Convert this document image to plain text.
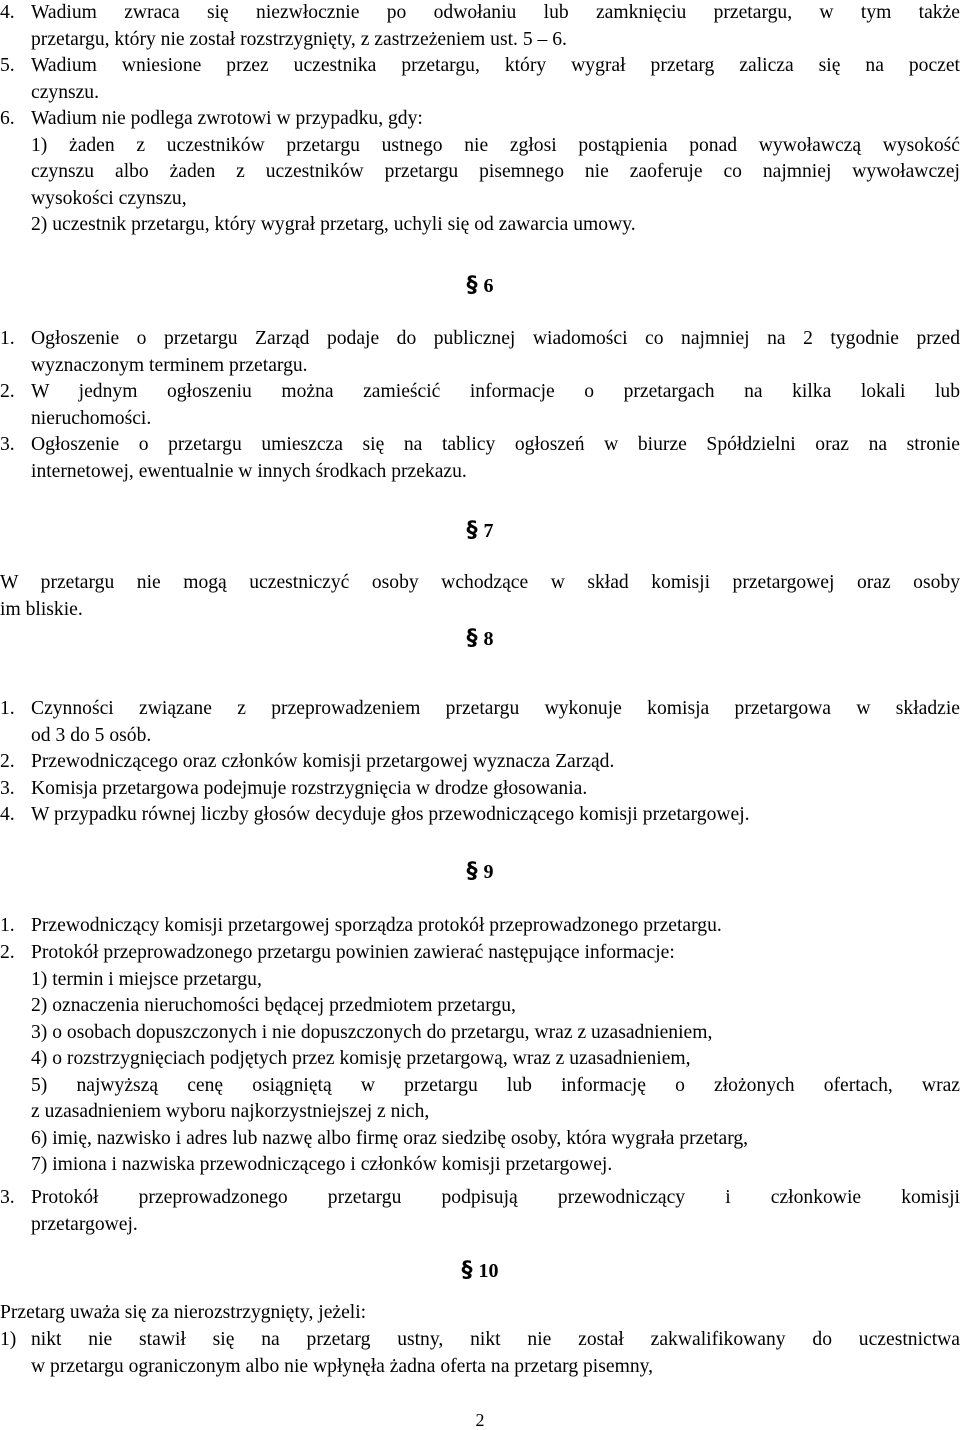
4. Wadium zwraca się niezwłocznie po odwołaniu lub zamknięciu przetargu, w tym także
przetargu, który nie został rozstrzygnięty, z zastrzeżeniem ust. 5 – 6.
5. Wadium wniesione przez uczestnika przetargu, który wygrał przetarg zalicza się na poczet
czynszu.
6. Wadium nie podlega zwrotowi w przypadku, gdy:
1) żaden z uczestników przetargu ustnego nie zgłosi postąpienia ponad wywoławczą wysokość
czynszu albo żaden z uczestników przetargu pisemnego nie zaoferuje co najmniej wywoławczej
wysokości czynszu,
2) uczestnik przetargu, który wygrał przetarg, uchyli się od zawarcia umowy.
§ 6
1. Ogłoszenie o przetargu Zarząd podaje do publicznej wiadomości co najmniej na 2 tygodnie przed
wyznaczonym terminem przetargu.
2. W jednym ogłoszeniu można zamieścić informacje o przetargach na kilka lokali lub
nieruchomości.
3. Ogłoszenie o przetargu umieszcza się na tablicy ogłoszeń w biurze Spółdzielni oraz na stronie
internetowej, ewentualnie w innych środkach przekazu.
§ 7
W przetargu nie mogą uczestniczyć osoby wchodzące w skład komisji przetargowej oraz osoby
im bliskie.
§ 8
1. Czynności związane z przeprowadzeniem przetargu wykonuje komisja przetargowa w składzie
od 3 do 5 osób.
2. Przewodniczącego oraz członków komisji przetargowej wyznacza Zarząd.
3. Komisja przetargowa podejmuje rozstrzygnięcia w drodze głosowania.
4. W przypadku równej liczby głosów decyduje głos przewodniczącego komisji przetargowej.
§ 9
1. Przewodniczący komisji przetargowej sporządza protokół przeprowadzonego przetargu.
2. Protokół przeprowadzonego przetargu powinien zawierać następujące informacje:
1) termin i miejsce przetargu,
2) oznaczenia nieruchomości będącej przedmiotem przetargu,
3) o osobach dopuszczonych i nie dopuszczonych do przetargu, wraz z uzasadnieniem,
4) o rozstrzygnięciach podjętych przez komisję przetargową, wraz z uzasadnieniem,
5) najwyższą cenę osiągniętą w przetargu lub informację o złożonych ofertach, wraz
z uzasadnieniem wyboru najkorzystniejszej z nich,
6) imię, nazwisko i adres lub nazwę albo firmę oraz siedzibę osoby, która wygrała przetarg,
7) imiona i nazwiska przewodniczącego i członków komisji przetargowej.
3. Protokół przeprowadzonego przetargu podpisują przewodniczący i członkowie komisji
przetargowej.
§ 10
Przetarg uważa się za nierozstrzygnięty, jeżeli:
1) nikt nie stawił się na przetarg ustny, nikt nie został zakwalifikowany do uczestnictwa
w przetargu ograniczonym albo nie wpłynęła żadna oferta na przetarg pisemny,
2
